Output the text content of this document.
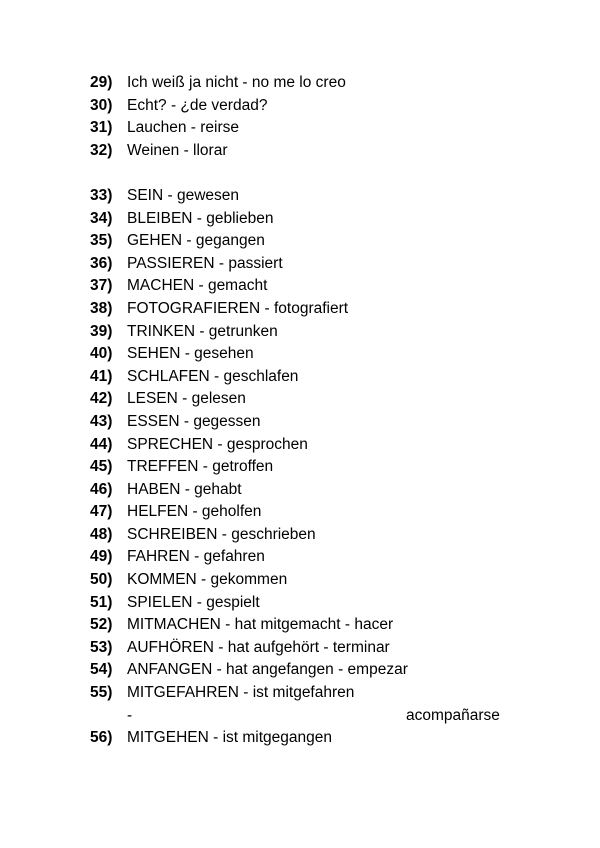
29) Ich weiß ja nicht - no me lo creo
30) Echt? - ¿de verdad?
31) Lauchen - reirse
32) Weinen - llorar
33) SEIN - gewesen
34) BLEIBEN - geblieben
35) GEHEN - gegangen
36) PASSIEREN - passiert
37) MACHEN - gemacht
38) FOTOGRAFIEREN - fotografiert
39) TRINKEN - getrunken
40) SEHEN - gesehen
41) SCHLAFEN - geschlafen
42) LESEN - gelesen
43) ESSEN - gegessen
44) SPRECHEN - gesprochen
45) TREFFEN - getroffen
46) HABEN - gehabt
47) HELFEN - geholfen
48) SCHREIBEN - geschrieben
49) FAHREN - gefahren
50) KOMMEN - gekommen
51) SPIELEN - gespielt
52) MITMACHEN - hat mitgemacht - hacer
53) AUFHÖREN - hat aufgehört - terminar
54) ANFANGEN - hat angefangen - empezar
55) MITGEFAHREN - ist mitgefahren
-	acompañarse
56) MITGEHEN - ist mitgegangen
